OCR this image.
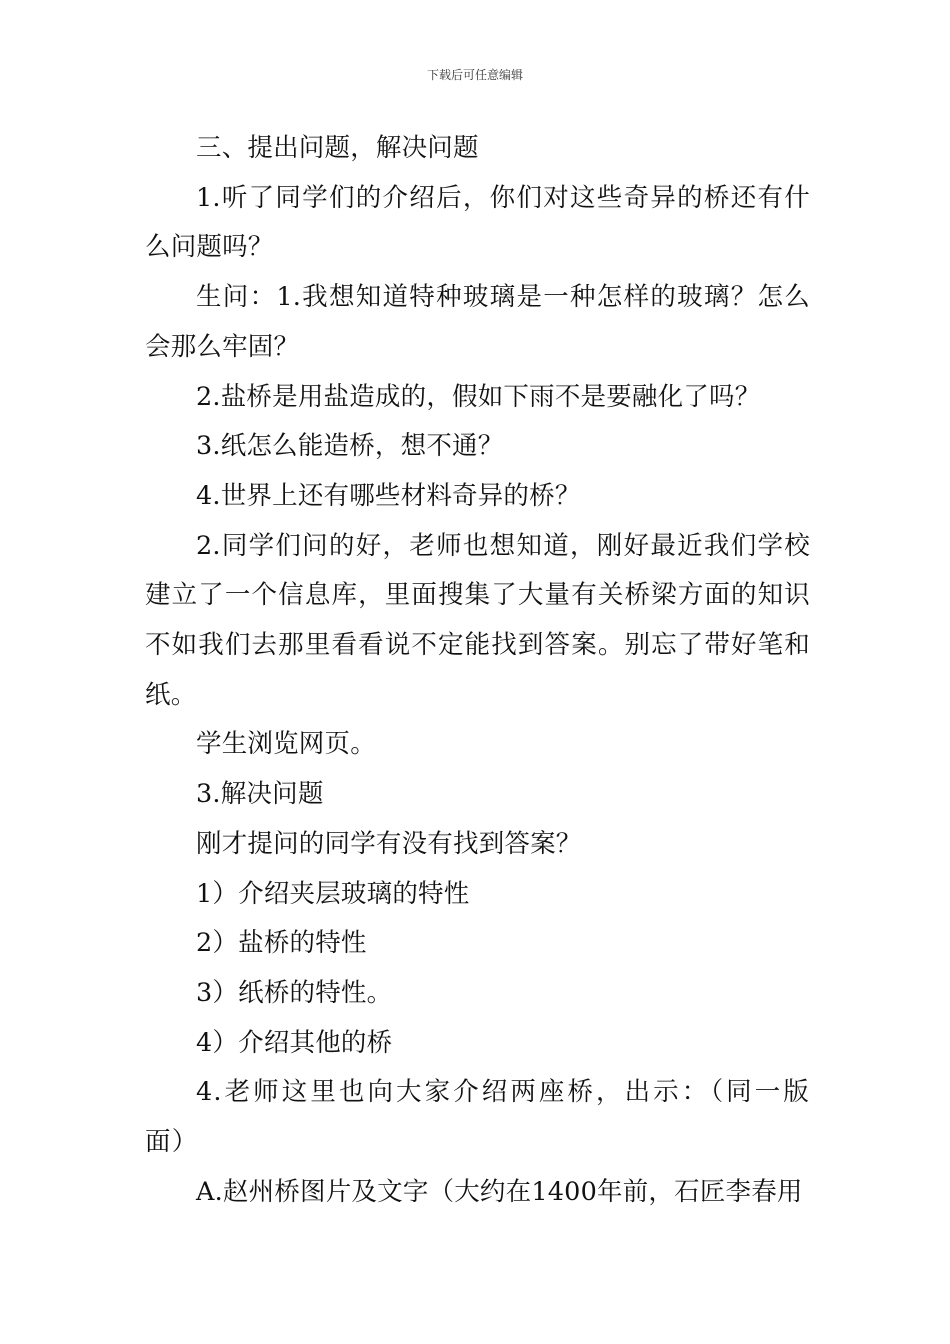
下载后可任意编辑

三、提出问题，解决问题

1.听了同学们的介绍后，你们对这些奇异的桥还有什么问题吗？

生问：1.我想知道特种玻璃是一种怎样的玻璃？怎么会那么牢固？

2.盐桥是用盐造成的，假如下雨不是要融化了吗？

3.纸怎么能造桥，想不通？

4.世界上还有哪些材料奇异的桥？

2.同学们问的好，老师也想知道，刚好最近我们学校建立了一个信息库，里面搜集了大量有关桥梁方面的知识不如我们去那里看看说不定能找到答案。别忘了带好笔和纸。

学生浏览网页。

3.解决问题

刚才提问的同学有没有找到答案？

1）介绍夹层玻璃的特性

2）盐桥的特性

3）纸桥的特性。

4）介绍其他的桥

4.老师这里也向大家介绍两座桥，出示：（同一版面）

A.赵州桥图片及文字（大约在1400年前，石匠李春用
